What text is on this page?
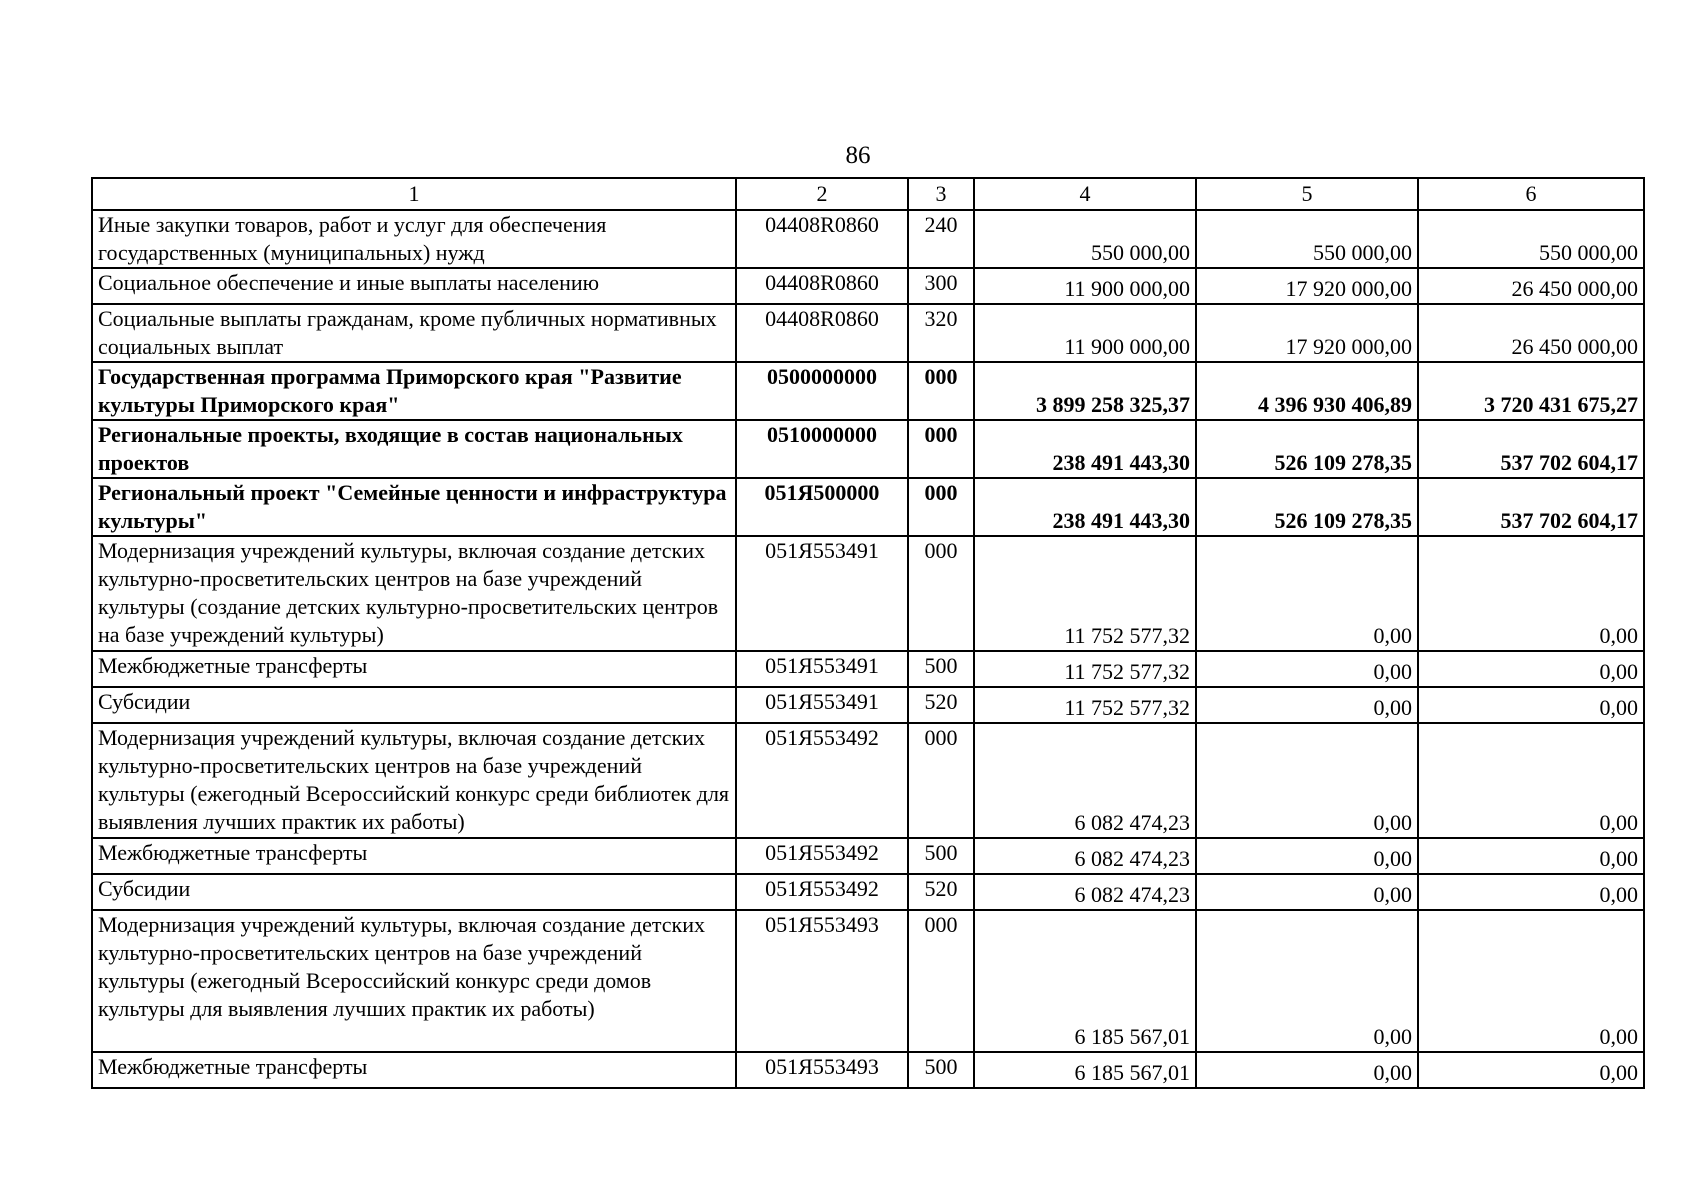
86
1	2	3	4	5	6
Иные закупки товаров, работ и услуг для обеспечения государственных (муниципальных) нужд	04408R0860	240	550 000,00	550 000,00	550 000,00
Социальное обеспечение и иные выплаты населению	04408R0860	300	11 900 000,00	17 920 000,00	26 450 000,00
Социальные выплаты гражданам, кроме публичных нормативных социальных выплат	04408R0860	320	11 900 000,00	17 920 000,00	26 450 000,00
Государственная программа Приморского края "Развитие культуры Приморского края"	0500000000	000	3 899 258 325,37	4 396 930 406,89	3 720 431 675,27
Региональные проекты, входящие в состав национальных проектов	0510000000	000	238 491 443,30	526 109 278,35	537 702 604,17
Региональный проект "Семейные ценности и инфраструктура культуры"	051Я500000	000	238 491 443,30	526 109 278,35	537 702 604,17
Модернизация учреждений культуры, включая создание детских культурно-просветительских центров на базе учреждений культуры (создание детских культурно-просветительских центров на базе учреждений культуры)	051Я553491	000	11 752 577,32	0,00	0,00
Межбюджетные трансферты	051Я553491	500	11 752 577,32	0,00	0,00
Субсидии	051Я553491	520	11 752 577,32	0,00	0,00
Модернизация учреждений культуры, включая создание детских культурно-просветительских центров на базе учреждений культуры (ежегодный Всероссийский конкурс среди библиотек для выявления лучших практик их работы)	051Я553492	000	6 082 474,23	0,00	0,00
Межбюджетные трансферты	051Я553492	500	6 082 474,23	0,00	0,00
Субсидии	051Я553492	520	6 082 474,23	0,00	0,00
Модернизация учреждений культуры, включая создание детских культурно-просветительских центров на базе учреждений культуры (ежегодный Всероссийский конкурс среди домов культуры для выявления лучших практик их работы)	051Я553493	000	6 185 567,01	0,00	0,00
Межбюджетные трансферты	051Я553493	500	6 185 567,01	0,00	0,00
